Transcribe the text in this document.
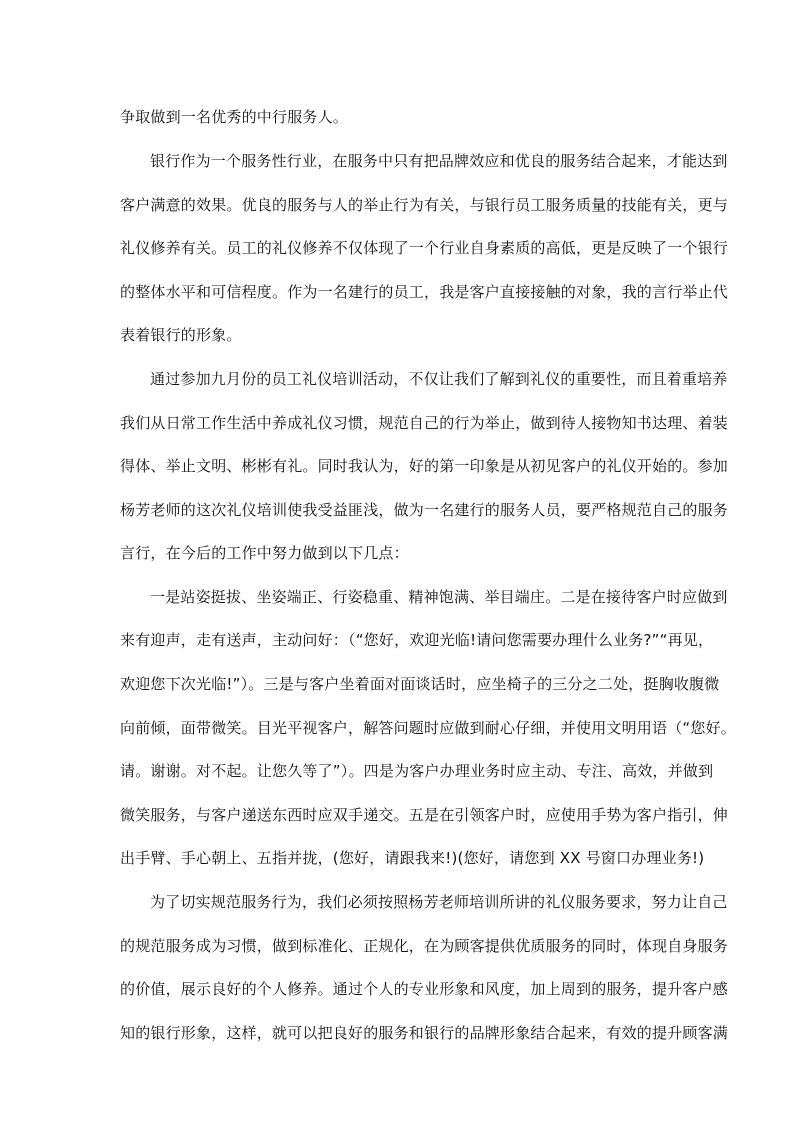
争取做到一名优秀的中行服务人。
银行作为一个服务性行业，在服务中只有把品牌效应和优良的服务结合起来，才能达到
客户满意的效果。优良的服务与人的举止行为有关，与银行员工服务质量的技能有关，更与
礼仪修养有关。员工的礼仪修养不仅体现了一个行业自身素质的高低，更是反映了一个银行
的整体水平和可信程度。作为一名建行的员工，我是客户直接接触的对象，我的言行举止代
表着银行的形象。
通过参加九月份的员工礼仪培训活动，不仅让我们了解到礼仪的重要性，而且着重培养
我们从日常工作生活中养成礼仪习惯，规范自己的行为举止，做到待人接物知书达理、着装
得体、举止文明、彬彬有礼。同时我认为，好的第一印象是从初见客户的礼仪开始的。参加
杨芳老师的这次礼仪培训使我受益匪浅，做为一名建行的服务人员，要严格规范自己的服务
言行，在今后的工作中努力做到以下几点：
一是站姿挺拔、坐姿端正、行姿稳重、精神饱满、举目端庄。二是在接待客户时应做到
来有迎声，走有送声，主动问好：（“您好，欢迎光临!请问您需要办理什么业务?”“再见，
欢迎您下次光临!”）。三是与客户坐着面对面谈话时，应坐椅子的三分之二处，挺胸收腹微
向前倾，面带微笑。目光平视客户，解答问题时应做到耐心仔细，并使用文明用语（“您好。
请。谢谢。对不起。让您久等了”）。四是为客户办理业务时应主动、专注、高效，并做到
微笑服务，与客户递送东西时应双手递交。五是在引领客户时，应使用手势为客户指引，伸
出手臂、手心朝上、五指并拢，(您好，请跟我来!)(您好，请您到 XX 号窗口办理业务!)
为了切实规范服务行为，我们必须按照杨芳老师培训所讲的礼仪服务要求，努力让自己
的规范服务成为习惯，做到标准化、正规化，在为顾客提供优质服务的同时，体现自身服务
的价值，展示良好的个人修养。通过个人的专业形象和风度，加上周到的服务，提升客户感
知的银行形象，这样，就可以把良好的服务和银行的品牌形象结合起来，有效的提升顾客满
